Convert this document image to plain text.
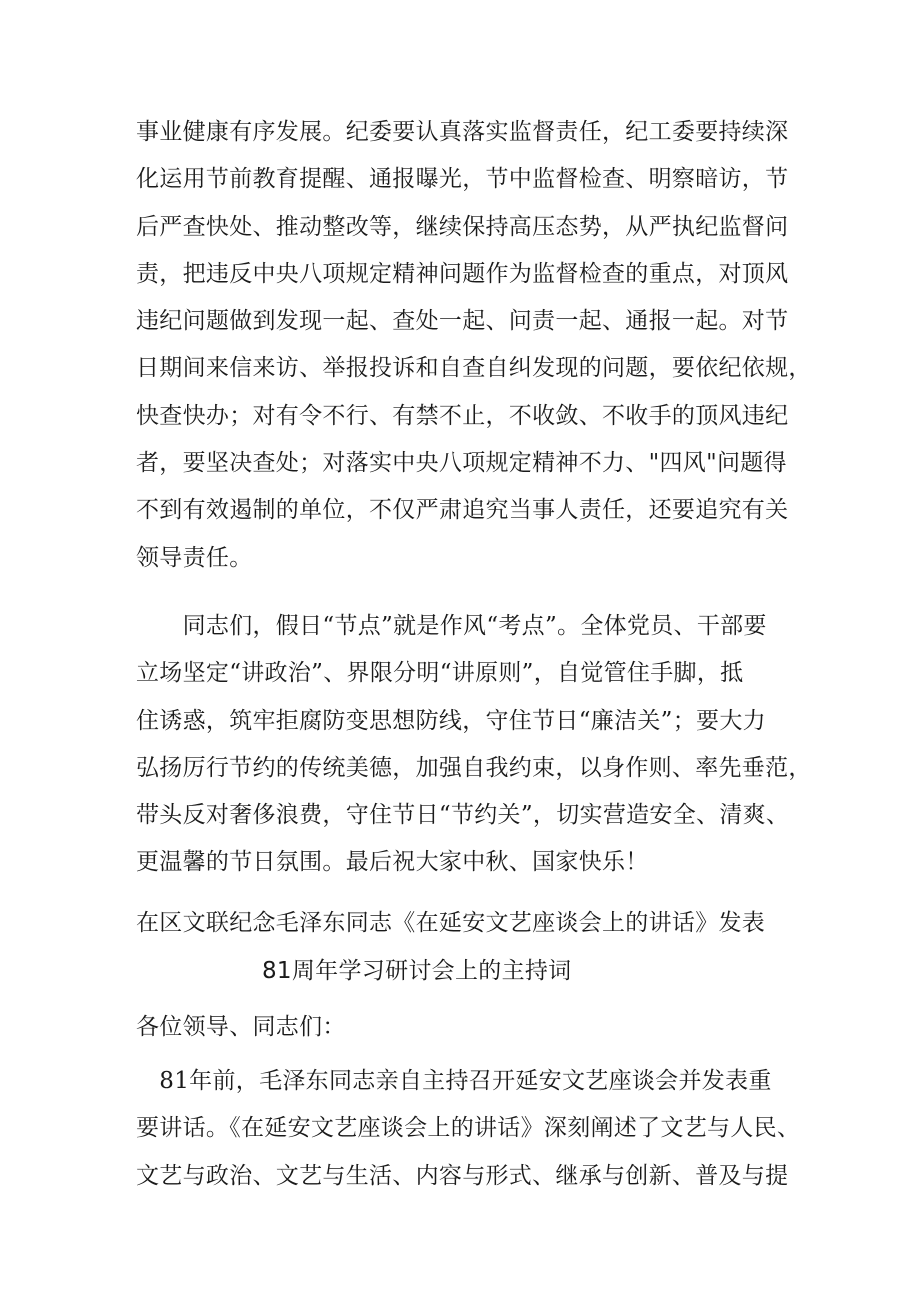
事业健康有序发展。纪委要认真落实监督责任，纪工委要持续深
化运用节前教育提醒、通报曝光，节中监督检查、明察暗访，节
后严查快处、推动整改等，继续保持高压态势，从严执纪监督问
责，把违反中央八项规定精神问题作为监督检查的重点，对顶风
违纪问题做到发现一起、查处一起、问责一起、通报一起。对节
日期间来信来访、举报投诉和自查自纠发现的问题，要依纪依规，
快查快办；对有令不行、有禁不止，不收敛、不收手的顶风违纪
者，要坚决查处；对落实中央八项规定精神不力、"四风"问题得
不到有效遏制的单位，不仅严肃追究当事人责任，还要追究有关
领导责任。
　　同志们，假日“节点”就是作风“考点”。全体党员、干部要
立场坚定“讲政治”、界限分明“讲原则”，自觉管住手脚，抵
住诱惑，筑牢拒腐防变思想防线，守住节日“廉洁关”；要大力
弘扬厉行节约的传统美德，加强自我约束，以身作则、率先垂范，
带头反对奢侈浪费，守住节日“节约关”，切实营造安全、清爽、
更温馨的节日氛围。最后祝大家中秋、国家快乐！
在区文联纪念毛泽东同志《在延安文艺座谈会上的讲话》发表
81周年学习研讨会上的主持词

各位领导、同志们：

　81年前，毛泽东同志亲自主持召开延安文艺座谈会并发表重
要讲话。《在延安文艺座谈会上的讲话》深刻阐述了文艺与人民、
文艺与政治、文艺与生活、内容与形式、继承与创新、普及与提
